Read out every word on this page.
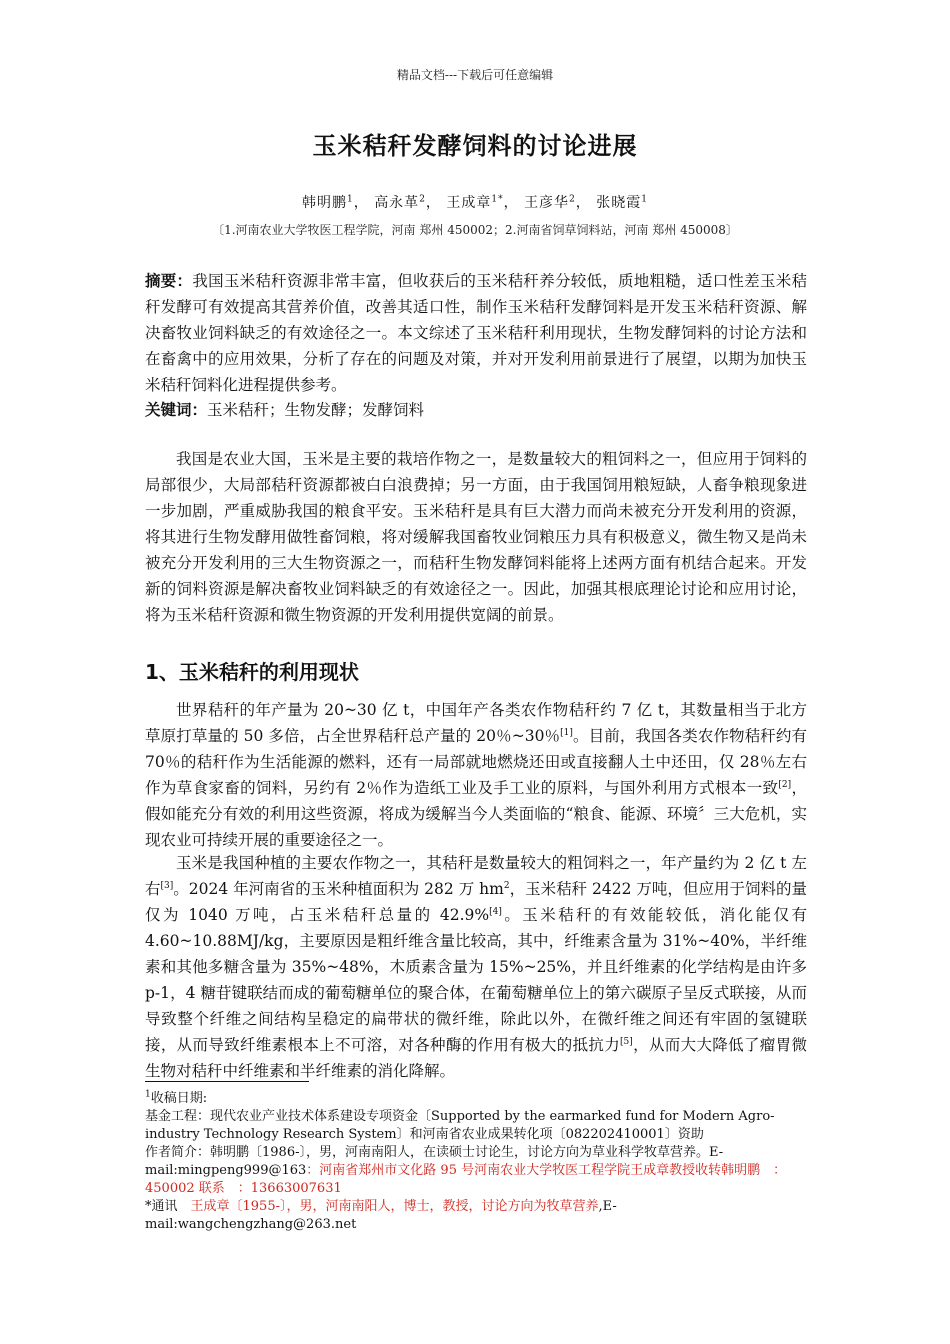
精品文档---下载后可任意编辑
玉米秸秆发酵饲料的讨论进展
韩明鹏$^1$， 高永革$^2$， 王成章$^{1*}$， 王彦华$^2$， 张晓霞$^1$
〔1.河南农业大学牧医工程学院，河南 郑州 450002；2.河南省饲草饲料站，河南 郑州 450008〕
摘要：我国玉米秸秆资源非常丰富，但收获后的玉米秸秆养分较低，质地粗糙，适口性差玉米秸秆发酵可有效提高其营养价值，改善其适口性，制作玉米秸秆发酵饲料是开发玉米秸秆资源、解决畜牧业饲料缺乏的有效途径之一。本文综述了玉米秸秆利用现状，生物发酵饲料的讨论方法和在畜禽中的应用效果，分析了存在的问题及对策，并对开发利用前景进行了展望，以期为加快玉米秸秆饲料化进程提供参考。
关键词：玉米秸秆；生物发酵；发酵饲料
我国是农业大国，玉米是主要的栽培作物之一，是数量较大的粗饲料之一，但应用于饲料的局部很少，大局部秸秆资源都被白白浪费掉；另一方面，由于我国饲用粮短缺，人畜争粮现象进一步加剧，严重威胁我国的粮食平安。玉米秸秆是具有巨大潜力而尚未被充分开发利用的资源，将其进行生物发酵用做牲畜饲粮，将对缓解我国畜牧业饲粮压力具有积极意义，微生物又是尚未被充分开发利用的三大生物资源之一，而秸秆生物发酵饲料能将上述两方面有机结合起来。开发新的饲料资源是解决畜牧业饲料缺乏的有效途径之一。因此，加强其根底理论讨论和应用讨论，将为玉米秸秆资源和微生物资源的开发利用提供宽阔的前景。
1、玉米秸秆的利用现状
世界秸秆的年产量为 20~30 亿 t，中国年产各类农作物秸秆约 7 亿 t，其数量相当于北方草原打草量的 50 多倍，占全世界秸秆总产量的 20％~30％[1]。目前，我国各类农作物秸秆约有 70％的秸秆作为生活能源的燃料，还有一局部就地燃烧还田或直接翻人土中还田，仅 28％左右作为草食家畜的饲料，另约有 2％作为造纸工业及手工业的原料，与国外利用方式根本一致[2]，假如能充分有效的利用这些资源，将成为缓解当今人类面临的“粮食、能源、环境〞三大危机，实现农业可持续开展的重要途径之一。
玉米是我国种植的主要农作物之一，其秸秆是数量较大的粗饲料之一，年产量约为 2 亿 t 左右[3]。2024 年河南省的玉米种植面积为 282 万 $hm^2$，玉米秸秆 2422 万吨，但应用于饲料的量仅为 1040 万吨，占玉米秸秆总量的 42.9%[4]。玉米秸秆的有效能较低，消化能仅有 4.60~10.88MJ/kg，主要原因是粗纤维含量比较高，其中，纤维素含量为 31%~40%，半纤维素和其他多糖含量为 35%~48%，木质素含量为 15%~25%，并且纤维素的化学结构是由许多 p-1，4 糖苷键联结而成的葡萄糖单位的聚合体，在葡萄糖单位上的第六碳原子呈反式联接，从而导致整个纤维之间结构呈稳定的扁带状的微纤维，除此以外，在微纤维之间还有牢固的氢键联接，从而导致纤维素根本上不可溶，对各种酶的作用有极大的抵抗力[5]，从而大大降低了瘤胃微生物对秸秆中纤维素和半纤维素的消化降解。
$^1$收稿日期:
基金工程：现代农业产业技术体系建设专项资金〔Supported by the earmarked fund for Modern Agro-industry Technology Research System〕和河南省农业成果转化项〔082202410001〕资助
作者简介：韩明鹏〔1986-〕，男，河南南阳人，在读硕士讨论生，讨论方向为草业科学牧草营养。E-mail:mingpeng999@163：河南省郑州市文化路 95 号河南农业大学牧医工程学院王成章教授收转韩明鹏　：450002 联系　：13663007631
*通讯　王成章〔1955-〕，男，河南南阳人，博士，教授，讨论方向为牧草营养,E-mail:wangchengzhang@263.net
